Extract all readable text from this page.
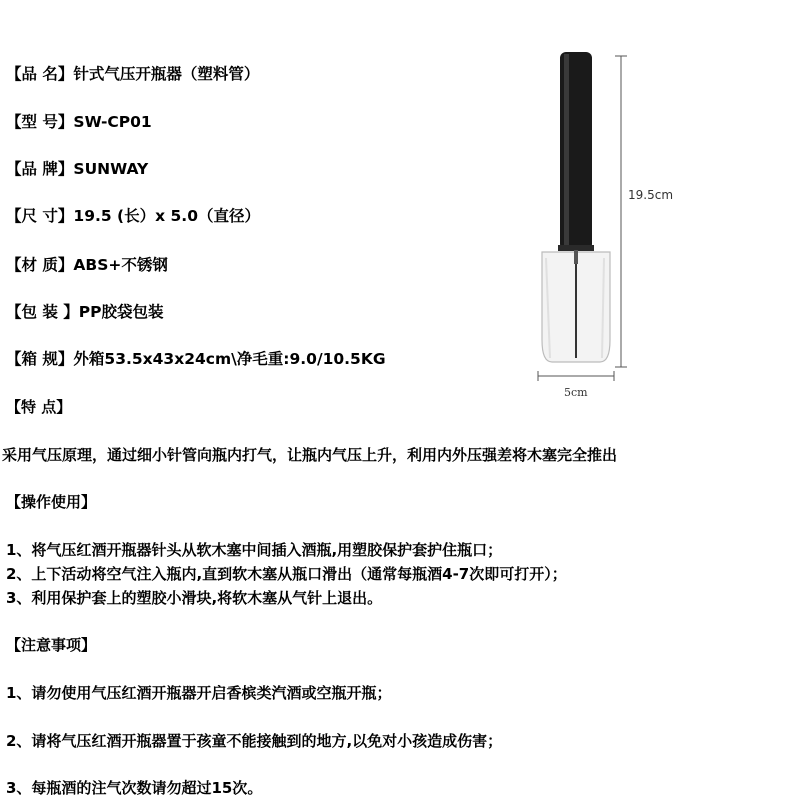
【品 名】针式气压开瓶器（塑料管）
【型 号】SW-CP01
【品 牌】SUNWAY
【尺 寸】19.5 (长）x 5.0（直径）
【材 质】ABS+不锈钢
【包 装 】PP胶袋包装
【箱 规】外箱53.5x43x24cm\净毛重:9.0/10.5KG
【特 点】
采用气压原理，通过细小针管向瓶内打气，让瓶内气压上升，利用内外压强差将木塞完全推出
【操作使用】
1、将气压红酒开瓶器针头从软木塞中间插入酒瓶,用塑胶保护套护住瓶口；
2、上下活动将空气注入瓶内,直到软木塞从瓶口滑出（通常每瓶酒4-7次即可打开）；
3、利用保护套上的塑胶小滑块,将软木塞从气针上退出。
【注意事项】
1、请勿使用气压红酒开瓶器开启香槟类汽酒或空瓶开瓶；
2、请将气压红酒开瓶器置于孩童不能接触到的地方,以免对小孩造成伤害；
3、每瓶酒的注气次数请勿超过15次。
19.5cm
5cm
